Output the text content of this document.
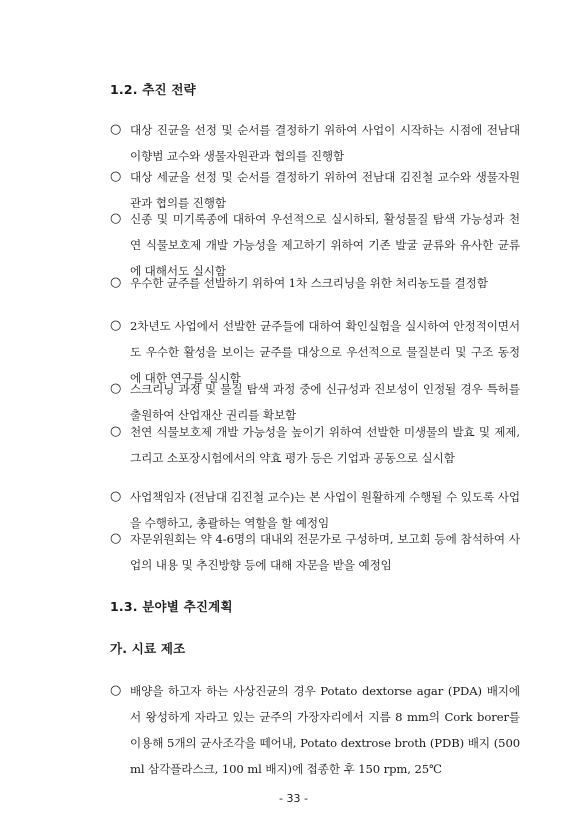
1.2. 추진 전략
○ 대상 진균을 선정 및 순서를 결정하기 위하여 사업이 시작하는 시점에 전남대 이향범 교수와 생물자원관과 협의를 진행함
○ 대상 세균을 선정 및 순서를 결정하기 위하여 전남대 김진철 교수와 생물자원관과 협의를 진행함
○ 신종 및 미기록종에 대하여 우선적으로 실시하되, 활성물질 탐색 가능성과 천연 식물보호제 개발 가능성을 제고하기 위하여 기존 발굴 균류와 유사한 균류에 대해서도 실시함
○ 우수한 균주를 선발하기 위하여 1차 스크리닝을 위한 처리농도를 결정함
○ 2차년도 사업에서 선발한 균주들에 대하여 확인실험을 실시하여 안정적이면서도 우수한 활성을 보이는 균주를 대상으로 우선적으로 물질분리 및 구조 동정에 대한 연구를 실시함
○ 스크리닝 과정 및 물질 탐색 과정 중에 신규성과 진보성이 인정될 경우 특허를 출원하여 산업재산 권리를 확보함
○ 천연 식물보호제 개발 가능성을 높이기 위하여 선발한 미생물의 발효 및 제제, 그리고 소포장시험에서의 약효 평가 등은 기업과 공동으로 실시함
○ 사업책임자 (전남대 김진철 교수)는 본 사업이 원활하게 수행될 수 있도록 사업을 수행하고, 총괄하는 역할을 할 예정임
○ 자문위원회는 약 4-6명의 대내외 전문가로 구성하며, 보고회 등에 참석하여 사업의 내용 및 추진방향 등에 대해 자문을 받을 예정임
1.3. 분야별 추진계획
가. 시료 제조
○ 배양을 하고자 하는 사상진균의 경우 Potato dextorse agar (PDA) 배지에서 왕성하게 자라고 있는 균주의 가장자리에서 지름 8 mm의 Cork borer를 이용해 5개의 균사조각을 떼어내, Potato dextrose broth (PDB) 배지 (500 ml 삼각플라스크, 100 ml 배지)에 접종한 후 150 rpm, 25℃
- 33 -
